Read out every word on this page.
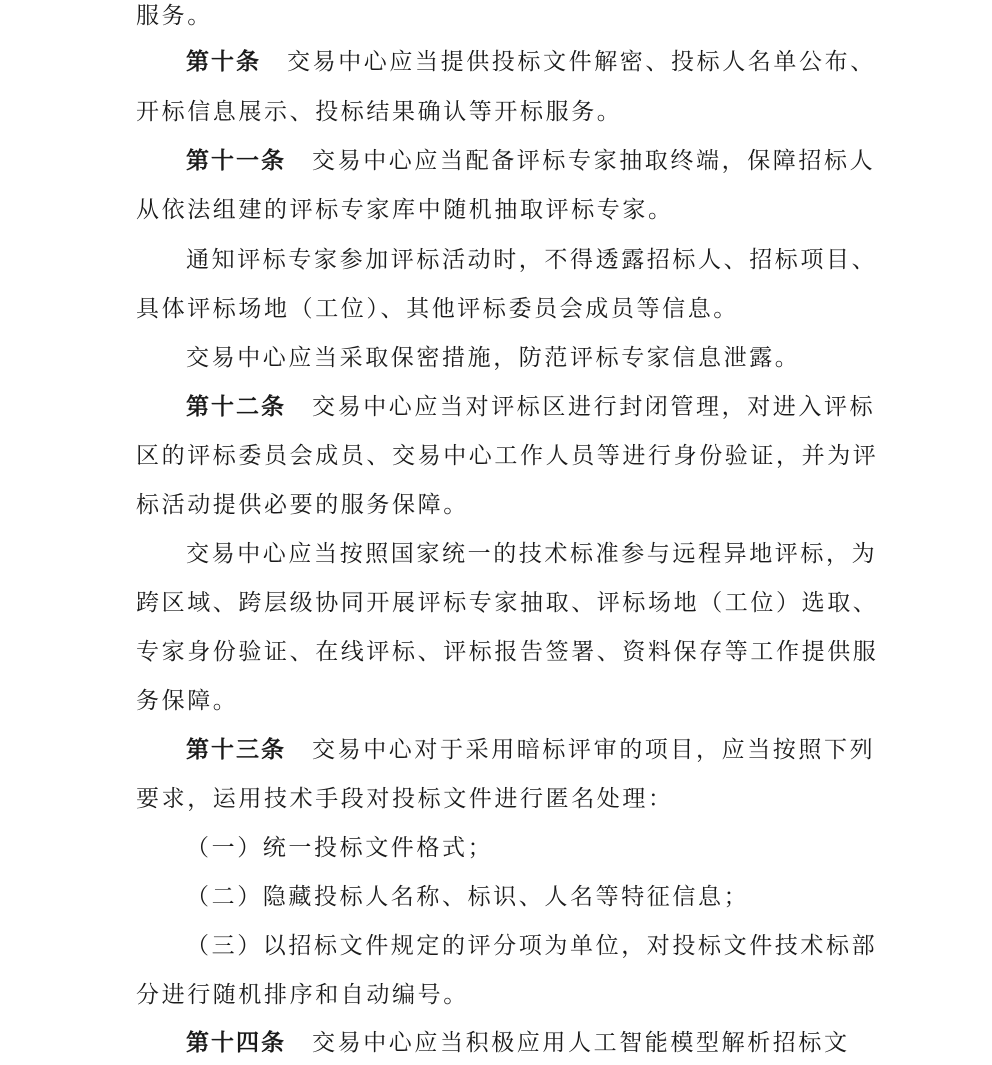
服务。
第十条 交易中心应当提供投标文件解密、投标人名单公布、
开标信息展示、投标结果确认等开标服务。
第十一条 交易中心应当配备评标专家抽取终端，保障招标人
从依法组建的评标专家库中随机抽取评标专家。
通知评标专家参加评标活动时，不得透露招标人、招标项目、
具体评标场地（工位）、其他评标委员会成员等信息。
交易中心应当采取保密措施，防范评标专家信息泄露。
第十二条 交易中心应当对评标区进行封闭管理，对进入评标
区的评标委员会成员、交易中心工作人员等进行身份验证，并为评
标活动提供必要的服务保障。
交易中心应当按照国家统一的技术标准参与远程异地评标，为
跨区域、跨层级协同开展评标专家抽取、评标场地（工位）选取、
专家身份验证、在线评标、评标报告签署、资料保存等工作提供服
务保障。
第十三条 交易中心对于采用暗标评审的项目，应当按照下列
要求，运用技术手段对投标文件进行匿名处理：
（一）统一投标文件格式；
（二）隐藏投标人名称、标识、人名等特征信息；
（三）以招标文件规定的评分项为单位，对投标文件技术标部
分进行随机排序和自动编号。
第十四条 交易中心应当积极应用人工智能模型解析招标文
